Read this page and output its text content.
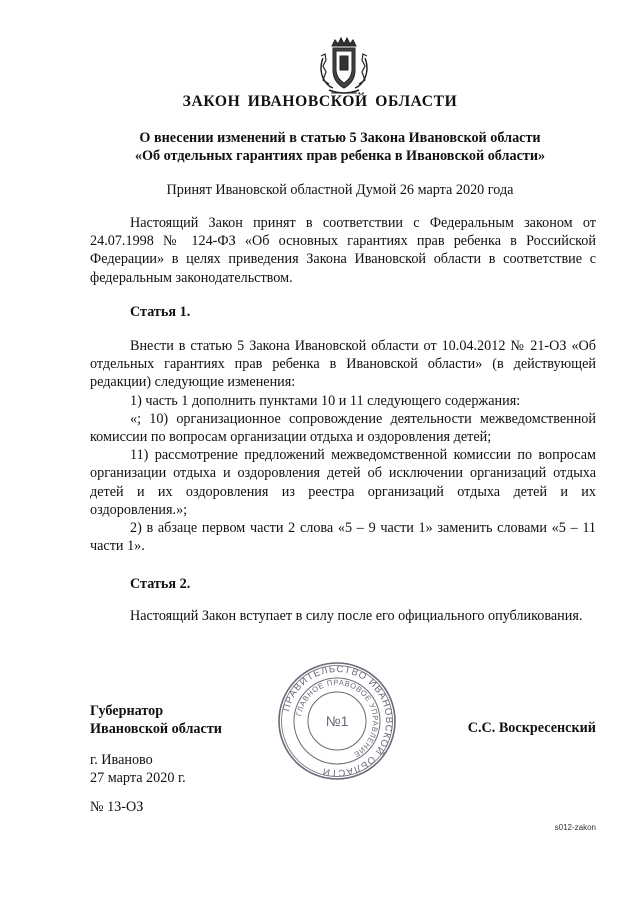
ЗАКОН ИВАНОВСКОЙ ОБЛАСТИ
О внесении изменений в статью 5 Закона Ивановской области
«Об отдельных гарантиях прав ребенка в Ивановской области»
Принят Ивановской областной Думой 26 марта 2020 года

Настоящий Закон принят в соответствии с Федеральным законом от 24.07.1998 № 124-ФЗ «Об основных гарантиях прав ребенка в Российской Федерации» в целях приведения Закона Ивановской области в соответствие с федеральным законодательством.

Статья 1.

Внести в статью 5 Закона Ивановской области от 10.04.2012 № 21-ОЗ «Об отдельных гарантиях прав ребенка в Ивановской области» (в действующей редакции) следующие изменения:

1) часть 1 дополнить пунктами 10 и 11 следующего содержания:

«; 10) организационное сопровождение деятельности межведомственной комиссии по вопросам организации отдыха и оздоровления детей;

11) рассмотрение предложений межведомственной комиссии по вопросам организации отдыха и оздоровления детей об исключении организаций отдыха детей и их оздоровления из реестра организаций отдыха детей и их оздоровления.»;

2) в абзаце первом части 2 слова «5 – 9 части 1» заменить словами «5 – 11 части 1».

Статья 2.

Настоящий Закон вступает в силу после его официального опубликования.

ПРАВИТЕЛЬСТВО ИВАНОВСКОЙ ОБЛАСТИ
ГЛАВНОЕ ПРАВОВОЕ УПРАВЛЕНИЕ
№1
Губернатор
Ивановской области	С.С. Воскресенский
г. Иваново
27 марта 2020 г.
№ 13-ОЗ
s012-zakon
